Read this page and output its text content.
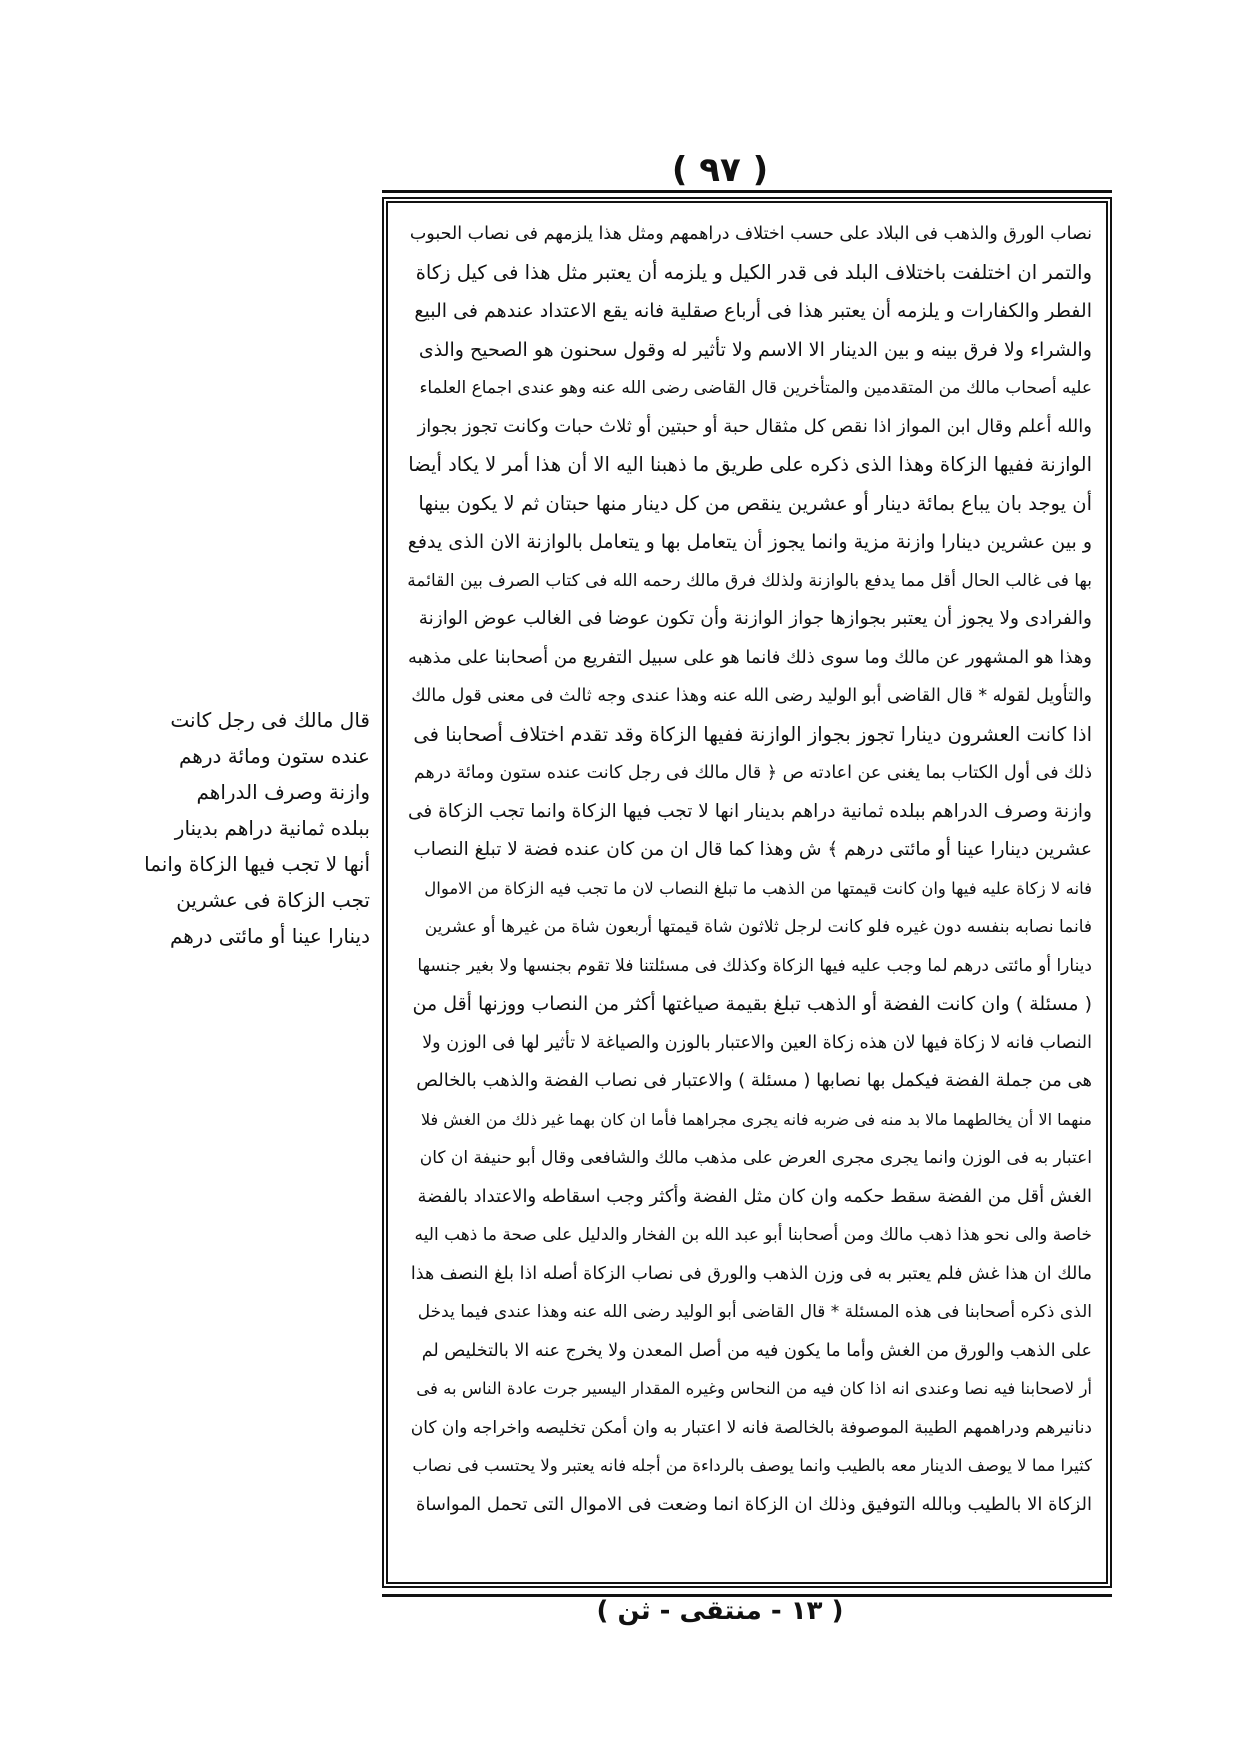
( ٩٧ )
نصاب الورق والذهب فى البلاد على حسب اختلاف دراهمهم ومثل هذا يلزمهم فى نصاب الحبوب
والتمر ان اختلفت باختلاف البلد فى قدر الكيل و يلزمه أن يعتبر مثل هذا فى كيل زكاة
الفطر والكفارات و يلزمه أن يعتبر هذا فى أرباع صقلية فانه يقع الاعتداد عندهم فى البيع
والشراء ولا فرق بينه و بين الدينار الا الاسم ولا تأثير له وقول سحنون هو الصحيح والذى
عليه أصحاب مالك من المتقدمين والمتأخرين قال القاضى رضى الله عنه وهو عندى اجماع العلماء
والله أعلم وقال ابن المواز اذا نقص كل مثقال حبة أو حبتين أو ثلاث حبات وكانت تجوز بجواز
الوازنة ففيها الزكاة وهذا الذى ذكره على طريق ما ذهبنا اليه الا أن هذا أمر لا يكاد أيضا
أن يوجد بان يباع بمائة دينار أو عشرين ينقص من كل دينار منها حبتان ثم لا يكون بينها
و بين عشرين دينارا وازنة مزية وانما يجوز أن يتعامل بها و يتعامل بالوازنة الان الذى يدفع
بها فى غالب الحال أقل مما يدفع بالوازنة ولذلك فرق مالك رحمه الله فى كتاب الصرف بين القائمة
والفرادى ولا يجوز أن يعتبر بجوازها جواز الوازنة وأن تكون عوضا فى الغالب عوض الوازنة
وهذا هو المشهور عن مالك وما سوى ذلك فانما هو على سبيل التفريع من أصحابنا على مذهبه
والتأويل لقوله * قال القاضى أبو الوليد رضى الله عنه وهذا عندى وجه ثالث فى معنى قول مالك
اذا كانت العشرون دينارا تجوز بجواز الوازنة ففيها الزكاة وقد تقدم اختلاف أصحابنا فى
ذلك فى أول الكتاب بما يغنى عن اعادته ص ﴿ قال مالك فى رجل كانت عنده ستون ومائة درهم
وازنة وصرف الدراهم ببلده ثمانية دراهم بدينار انها لا تجب فيها الزكاة وانما تجب الزكاة فى
عشرين دينارا عينا أو مائتى درهم ﴾ ش وهذا كما قال ان من كان عنده فضة لا تبلغ النصاب
فانه لا زكاة عليه فيها وان كانت قيمتها من الذهب ما تبلغ النصاب لان ما تجب فيه الزكاة من الاموال
فانما نصابه بنفسه دون غيره فلو كانت لرجل ثلاثون شاة قيمتها أربعون شاة من غيرها أو عشرين
دينارا أو مائتى درهم لما وجب عليه فيها الزكاة وكذلك فى مسئلتنا فلا تقوم بجنسها ولا بغير جنسها
( مسئلة ) وان كانت الفضة أو الذهب تبلغ بقيمة صياغتها أكثر من النصاب ووزنها أقل من
النصاب فانه لا زكاة فيها لان هذه زكاة العين والاعتبار بالوزن والصياغة لا تأثير لها فى الوزن ولا
هى من جملة الفضة فيكمل بها نصابها ( مسئلة ) والاعتبار فى نصاب الفضة والذهب بالخالص
منهما الا أن يخالطهما مالا بد منه فى ضربه فانه يجرى مجراهما فأما ان كان بهما غير ذلك من الغش فلا
اعتبار به فى الوزن وانما يجرى مجرى العرض على مذهب مالك والشافعى وقال أبو حنيفة ان كان
الغش أقل من الفضة سقط حكمه وان كان مثل الفضة وأكثر وجب اسقاطه والاعتداد بالفضة
خاصة والى نحو هذا ذهب مالك ومن أصحابنا أبو عبد الله بن الفخار والدليل على صحة ما ذهب اليه
مالك ان هذا غش فلم يعتبر به فى وزن الذهب والورق فى نصاب الزكاة أصله اذا بلغ النصف هذا
الذى ذكره أصحابنا فى هذه المسئلة * قال القاضى أبو الوليد رضى الله عنه وهذا عندى فيما يدخل
على الذهب والورق من الغش وأما ما يكون فيه من أصل المعدن ولا يخرج عنه الا بالتخليص لم
أر لاصحابنا فيه نصا وعندى انه اذا كان فيه من النحاس وغيره المقدار اليسير جرت عادة الناس به فى
دنانيرهم ودراهمهم الطيبة الموصوفة بالخالصة فانه لا اعتبار به وان أمكن تخليصه واخراجه وان كان
كثيرا مما لا يوصف الدينار معه بالطيب وانما يوصف بالرداءة من أجله فانه يعتبر ولا يحتسب فى نصاب
الزكاة الا بالطيب وبالله التوفيق وذلك ان الزكاة انما وضعت فى الاموال التى تحمل المواساة
قال مالك فى رجل كانت
عنده ستون ومائة درهم
وازنة وصرف الدراهم
ببلده ثمانية دراهم بدينار
أنها لا تجب فيها الزكاة وانما
تجب الزكاة فى عشرين
دينارا عينا أو مائتى درهم
( ١٣ - منتقى - ثن )
